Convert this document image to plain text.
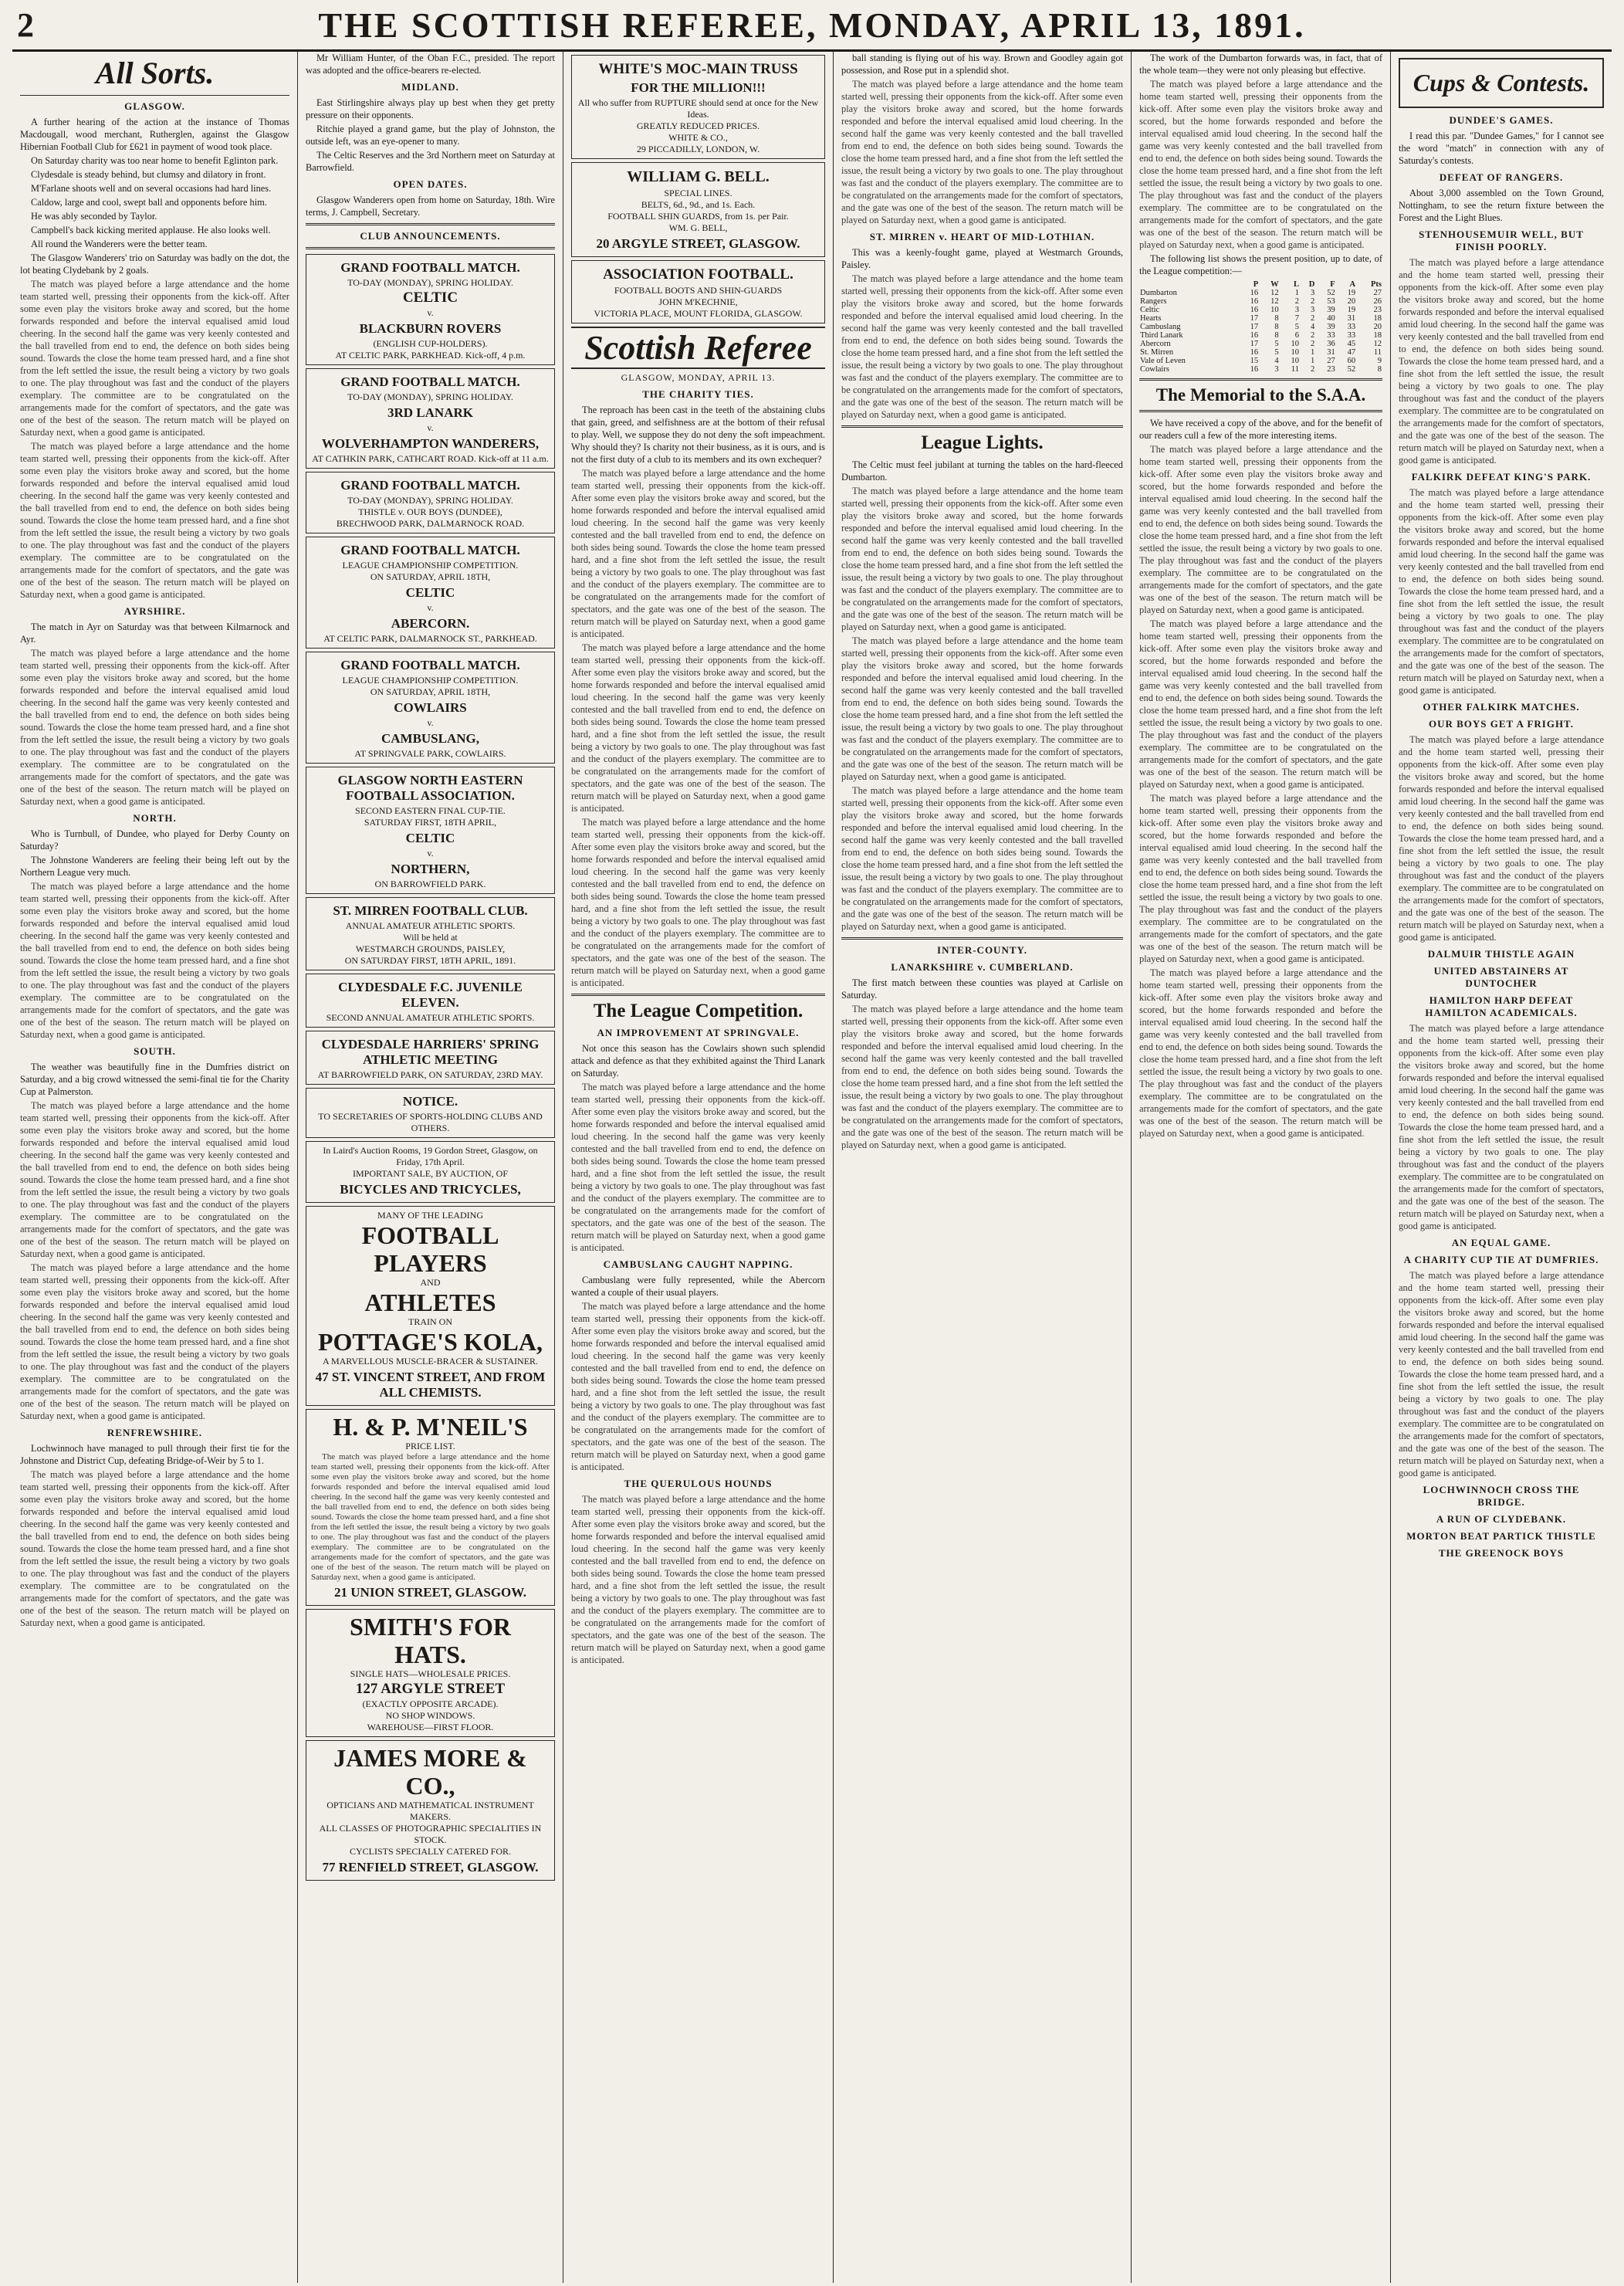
2	THE SCOTTISH REFEREE, MONDAY, APRIL 13, 1891.
All Sorts.
GLASGOW.

A further hearing of the action at the instance of Thomas Macdougall, wood merchant, Rutherglen, against the Glasgow Hibernian Football Club for £621 in payment of wood took place.

On Saturday charity was too near home to benefit Eglinton park.

Clydesdale is steady behind, but clumsy and dilatory in front.

M'Farlane shoots well and on several occasions had hard lines.

Caldow, large and cool, swept ball and opponents before him.

He was ably seconded by Taylor.

Campbell's back kicking merited applause. He also looks well.

All round the Wanderers were the better team.

The Glasgow Wanderers' trio on Saturday was badly on the dot, the lot beating Clydebank by 2 goals.

The match was played before a large attendance and the home team started well, pressing their opponents from the kick-off. After some even play the visitors broke away and scored, but the home forwards responded and before the interval equalised amid loud cheering. In the second half the game was very keenly contested and the ball travelled from end to end, the defence on both sides being sound. Towards the close the home team pressed hard, and a fine shot from the left settled the issue, the result being a victory by two goals to one. The play throughout was fast and the conduct of the players exemplary. The committee are to be congratulated on the arrangements made for the comfort of spectators, and the gate was one of the best of the season. The return match will be played on Saturday next, when a good game is anticipated.

The match was played before a large attendance and the home team started well, pressing their opponents from the kick-off. After some even play the visitors broke away and scored, but the home forwards responded and before the interval equalised amid loud cheering. In the second half the game was very keenly contested and the ball travelled from end to end, the defence on both sides being sound. Towards the close the home team pressed hard, and a fine shot from the left settled the issue, the result being a victory by two goals to one. The play throughout was fast and the conduct of the players exemplary. The committee are to be congratulated on the arrangements made for the comfort of spectators, and the gate was one of the best of the season. The return match will be played on Saturday next, when a good game is anticipated.

AYRSHIRE.

The match in Ayr on Saturday was that between Kilmarnock and Ayr.

The match was played before a large attendance and the home team started well, pressing their opponents from the kick-off. After some even play the visitors broke away and scored, but the home forwards responded and before the interval equalised amid loud cheering. In the second half the game was very keenly contested and the ball travelled from end to end, the defence on both sides being sound. Towards the close the home team pressed hard, and a fine shot from the left settled the issue, the result being a victory by two goals to one. The play throughout was fast and the conduct of the players exemplary. The committee are to be congratulated on the arrangements made for the comfort of spectators, and the gate was one of the best of the season. The return match will be played on Saturday next, when a good game is anticipated.

NORTH.

Who is Turnbull, of Dundee, who played for Derby County on Saturday?

The Johnstone Wanderers are feeling their being left out by the Northern League very much.

The match was played before a large attendance and the home team started well, pressing their opponents from the kick-off. After some even play the visitors broke away and scored, but the home forwards responded and before the interval equalised amid loud cheering. In the second half the game was very keenly contested and the ball travelled from end to end, the defence on both sides being sound. Towards the close the home team pressed hard, and a fine shot from the left settled the issue, the result being a victory by two goals to one. The play throughout was fast and the conduct of the players exemplary. The committee are to be congratulated on the arrangements made for the comfort of spectators, and the gate was one of the best of the season. The return match will be played on Saturday next, when a good game is anticipated.

SOUTH.

The weather was beautifully fine in the Dumfries district on Saturday, and a big crowd witnessed the semi-final tie for the Charity Cup at Palmerston.

The match was played before a large attendance and the home team started well, pressing their opponents from the kick-off. After some even play the visitors broke away and scored, but the home forwards responded and before the interval equalised amid loud cheering. In the second half the game was very keenly contested and the ball travelled from end to end, the defence on both sides being sound. Towards the close the home team pressed hard, and a fine shot from the left settled the issue, the result being a victory by two goals to one. The play throughout was fast and the conduct of the players exemplary. The committee are to be congratulated on the arrangements made for the comfort of spectators, and the gate was one of the best of the season. The return match will be played on Saturday next, when a good game is anticipated.

The match was played before a large attendance and the home team started well, pressing their opponents from the kick-off. After some even play the visitors broke away and scored, but the home forwards responded and before the interval equalised amid loud cheering. In the second half the game was very keenly contested and the ball travelled from end to end, the defence on both sides being sound. Towards the close the home team pressed hard, and a fine shot from the left settled the issue, the result being a victory by two goals to one. The play throughout was fast and the conduct of the players exemplary. The committee are to be congratulated on the arrangements made for the comfort of spectators, and the gate was one of the best of the season. The return match will be played on Saturday next, when a good game is anticipated.

RENFREWSHIRE.

Lochwinnoch have managed to pull through their first tie for the Johnstone and District Cup, defeating Bridge-of-Weir by 5 to 1.

The match was played before a large attendance and the home team started well, pressing their opponents from the kick-off. After some even play the visitors broke away and scored, but the home forwards responded and before the interval equalised amid loud cheering. In the second half the game was very keenly contested and the ball travelled from end to end, the defence on both sides being sound. Towards the close the home team pressed hard, and a fine shot from the left settled the issue, the result being a victory by two goals to one. The play throughout was fast and the conduct of the players exemplary. The committee are to be congratulated on the arrangements made for the comfort of spectators, and the gate was one of the best of the season. The return match will be played on Saturday next, when a good game is anticipated.

Mr William Hunter, of the Oban F.C., presided. The report was adopted and the office-bearers re-elected.

MIDLAND.

East Stirlingshire always play up best when they get pretty pressure on their opponents.

Ritchie played a grand game, but the play of Johnston, the outside left, was an eye-opener to many.

The Celtic Reserves and the 3rd Northern meet on Saturday at Barrowfield.

OPEN DATES.

Glasgow Wanderers open from home on Saturday, 18th. Wire terms, J. Campbell, Secretary.

CLUB ANNOUNCEMENTS.
GRAND FOOTBALL MATCH.
TO-DAY (MONDAY), SPRING HOLIDAY.
CELTIC
v.
BLACKBURN ROVERS
(ENGLISH CUP-HOLDERS).
AT CELTIC PARK, PARKHEAD. Kick-off, 4 p.m.
GRAND FOOTBALL MATCH.
TO-DAY (MONDAY), SPRING HOLIDAY.
3RD LANARK
v.
WOLVERHAMPTON WANDERERS,
AT CATHKIN PARK, CATHCART ROAD. Kick-off at 11 a.m.
GRAND FOOTBALL MATCH.
TO-DAY (MONDAY), SPRING HOLIDAY.
THISTLE v. OUR BOYS (DUNDEE),
BRECHWOOD PARK, DALMARNOCK ROAD.
GRAND FOOTBALL MATCH.
LEAGUE CHAMPIONSHIP COMPETITION.
ON SATURDAY, APRIL 18TH,
CELTIC
v.
ABERCORN.
AT CELTIC PARK, DALMARNOCK ST., PARKHEAD.
GRAND FOOTBALL MATCH.
LEAGUE CHAMPIONSHIP COMPETITION.
ON SATURDAY, APRIL 18TH,
COWLAIRS
v.
CAMBUSLANG,
AT SPRINGVALE PARK, COWLAIRS.
GLASGOW NORTH EASTERN FOOTBALL ASSOCIATION.
SECOND EASTERN FINAL CUP-TIE.
SATURDAY FIRST, 18TH APRIL,
CELTIC
v.
NORTHERN,
ON BARROWFIELD PARK.
ST. MIRREN FOOTBALL CLUB.
ANNUAL AMATEUR ATHLETIC SPORTS.
Will be held at
WESTMARCH GROUNDS, PAISLEY,
ON SATURDAY FIRST, 18TH APRIL, 1891.
CLYDESDALE F.C. JUVENILE ELEVEN.
SECOND ANNUAL AMATEUR ATHLETIC SPORTS.
CLYDESDALE HARRIERS' SPRING ATHLETIC MEETING
AT BARROWFIELD PARK, ON SATURDAY, 23RD MAY.
NOTICE.
TO SECRETARIES OF SPORTS-HOLDING CLUBS AND OTHERS.
In Laird's Auction Rooms, 19 Gordon Street, Glasgow, on Friday, 17th April.
IMPORTANT SALE, BY AUCTION, OF
BICYCLES AND TRICYCLES,
MANY OF THE LEADING
FOOTBALL PLAYERS
AND
ATHLETES
TRAIN ON
POTTAGE'S KOLA,
A MARVELLOUS MUSCLE-BRACER & SUSTAINER.
47 ST. VINCENT STREET, AND FROM ALL CHEMISTS.
H. & P. M'NEIL'S
PRICE LIST.

The match was played before a large attendance and the home team started well, pressing their opponents from the kick-off. After some even play the visitors broke away and scored, but the home forwards responded and before the interval equalised amid loud cheering. In the second half the game was very keenly contested and the ball travelled from end to end, the defence on both sides being sound. Towards the close the home team pressed hard, and a fine shot from the left settled the issue, the result being a victory by two goals to one. The play throughout was fast and the conduct of the players exemplary. The committee are to be congratulated on the arrangements made for the comfort of spectators, and the gate was one of the best of the season. The return match will be played on Saturday next, when a good game is anticipated.

21 UNION STREET, GLASGOW.
SMITH'S FOR HATS.
SINGLE HATS—WHOLESALE PRICES.
127 ARGYLE STREET
(EXACTLY OPPOSITE ARCADE).
NO SHOP WINDOWS.
WAREHOUSE—FIRST FLOOR.
JAMES MORE & CO.,
OPTICIANS AND MATHEMATICAL INSTRUMENT MAKERS.
ALL CLASSES OF PHOTOGRAPHIC SPECIALITIES IN STOCK.
CYCLISTS SPECIALLY CATERED FOR.
77 RENFIELD STREET, GLASGOW.
WHITE'S MOC-MAIN TRUSS
FOR THE MILLION!!!
All who suffer from RUPTURE should send at once for the New Ideas.
GREATLY REDUCED PRICES.
WHITE & CO.,
29 PICCADILLY, LONDON, W.
WILLIAM G. BELL.
SPECIAL LINES.
BELTS, 6d., 9d., and 1s. Each.
FOOTBALL SHIN GUARDS, from 1s. per Pair.
WM. G. BELL,
20 ARGYLE STREET, GLASGOW.
ASSOCIATION FOOTBALL.
FOOTBALL BOOTS AND SHIN-GUARDS
JOHN M'KECHNIE,
VICTORIA PLACE, MOUNT FLORIDA, GLASGOW.
Scottish Referee
GLASGOW, MONDAY, APRIL 13.
THE CHARITY TIES.

The reproach has been cast in the teeth of the abstaining clubs that gain, greed, and selfishness are at the bottom of their refusal to play. Well, we suppose they do not deny the soft impeachment. Why should they? Is charity not their business, as it is ours, and is not the first duty of a club to its members and its own exchequer?

The match was played before a large attendance and the home team started well, pressing their opponents from the kick-off. After some even play the visitors broke away and scored, but the home forwards responded and before the interval equalised amid loud cheering. In the second half the game was very keenly contested and the ball travelled from end to end, the defence on both sides being sound. Towards the close the home team pressed hard, and a fine shot from the left settled the issue, the result being a victory by two goals to one. The play throughout was fast and the conduct of the players exemplary. The committee are to be congratulated on the arrangements made for the comfort of spectators, and the gate was one of the best of the season. The return match will be played on Saturday next, when a good game is anticipated.

The match was played before a large attendance and the home team started well, pressing their opponents from the kick-off. After some even play the visitors broke away and scored, but the home forwards responded and before the interval equalised amid loud cheering. In the second half the game was very keenly contested and the ball travelled from end to end, the defence on both sides being sound. Towards the close the home team pressed hard, and a fine shot from the left settled the issue, the result being a victory by two goals to one. The play throughout was fast and the conduct of the players exemplary. The committee are to be congratulated on the arrangements made for the comfort of spectators, and the gate was one of the best of the season. The return match will be played on Saturday next, when a good game is anticipated.

The match was played before a large attendance and the home team started well, pressing their opponents from the kick-off. After some even play the visitors broke away and scored, but the home forwards responded and before the interval equalised amid loud cheering. In the second half the game was very keenly contested and the ball travelled from end to end, the defence on both sides being sound. Towards the close the home team pressed hard, and a fine shot from the left settled the issue, the result being a victory by two goals to one. The play throughout was fast and the conduct of the players exemplary. The committee are to be congratulated on the arrangements made for the comfort of spectators, and the gate was one of the best of the season. The return match will be played on Saturday next, when a good game is anticipated.

The League Competition.
AN IMPROVEMENT AT SPRINGVALE.

Not once this season has the Cowlairs shown such splendid attack and defence as that they exhibited against the Third Lanark on Saturday.

The match was played before a large attendance and the home team started well, pressing their opponents from the kick-off. After some even play the visitors broke away and scored, but the home forwards responded and before the interval equalised amid loud cheering. In the second half the game was very keenly contested and the ball travelled from end to end, the defence on both sides being sound. Towards the close the home team pressed hard, and a fine shot from the left settled the issue, the result being a victory by two goals to one. The play throughout was fast and the conduct of the players exemplary. The committee are to be congratulated on the arrangements made for the comfort of spectators, and the gate was one of the best of the season. The return match will be played on Saturday next, when a good game is anticipated.

CAMBUSLANG CAUGHT NAPPING.

Cambuslang were fully represented, while the Abercorn wanted a couple of their usual players.

The match was played before a large attendance and the home team started well, pressing their opponents from the kick-off. After some even play the visitors broke away and scored, but the home forwards responded and before the interval equalised amid loud cheering. In the second half the game was very keenly contested and the ball travelled from end to end, the defence on both sides being sound. Towards the close the home team pressed hard, and a fine shot from the left settled the issue, the result being a victory by two goals to one. The play throughout was fast and the conduct of the players exemplary. The committee are to be congratulated on the arrangements made for the comfort of spectators, and the gate was one of the best of the season. The return match will be played on Saturday next, when a good game is anticipated.

THE QUERULOUS HOUNDS

The match was played before a large attendance and the home team started well, pressing their opponents from the kick-off. After some even play the visitors broke away and scored, but the home forwards responded and before the interval equalised amid loud cheering. In the second half the game was very keenly contested and the ball travelled from end to end, the defence on both sides being sound. Towards the close the home team pressed hard, and a fine shot from the left settled the issue, the result being a victory by two goals to one. The play throughout was fast and the conduct of the players exemplary. The committee are to be congratulated on the arrangements made for the comfort of spectators, and the gate was one of the best of the season. The return match will be played on Saturday next, when a good game is anticipated.

ball standing is flying out of his way. Brown and Goodley again got possession, and Rose put in a splendid shot.

The match was played before a large attendance and the home team started well, pressing their opponents from the kick-off. After some even play the visitors broke away and scored, but the home forwards responded and before the interval equalised amid loud cheering. In the second half the game was very keenly contested and the ball travelled from end to end, the defence on both sides being sound. Towards the close the home team pressed hard, and a fine shot from the left settled the issue, the result being a victory by two goals to one. The play throughout was fast and the conduct of the players exemplary. The committee are to be congratulated on the arrangements made for the comfort of spectators, and the gate was one of the best of the season. The return match will be played on Saturday next, when a good game is anticipated.

ST. MIRREN v. HEART OF MID-LOTHIAN.

This was a keenly-fought game, played at Westmarch Grounds, Paisley.

The match was played before a large attendance and the home team started well, pressing their opponents from the kick-off. After some even play the visitors broke away and scored, but the home forwards responded and before the interval equalised amid loud cheering. In the second half the game was very keenly contested and the ball travelled from end to end, the defence on both sides being sound. Towards the close the home team pressed hard, and a fine shot from the left settled the issue, the result being a victory by two goals to one. The play throughout was fast and the conduct of the players exemplary. The committee are to be congratulated on the arrangements made for the comfort of spectators, and the gate was one of the best of the season. The return match will be played on Saturday next, when a good game is anticipated.

League Lights.

The Celtic must feel jubilant at turning the tables on the hard-fleeced Dumbarton.

The match was played before a large attendance and the home team started well, pressing their opponents from the kick-off. After some even play the visitors broke away and scored, but the home forwards responded and before the interval equalised amid loud cheering. In the second half the game was very keenly contested and the ball travelled from end to end, the defence on both sides being sound. Towards the close the home team pressed hard, and a fine shot from the left settled the issue, the result being a victory by two goals to one. The play throughout was fast and the conduct of the players exemplary. The committee are to be congratulated on the arrangements made for the comfort of spectators, and the gate was one of the best of the season. The return match will be played on Saturday next, when a good game is anticipated.

The match was played before a large attendance and the home team started well, pressing their opponents from the kick-off. After some even play the visitors broke away and scored, but the home forwards responded and before the interval equalised amid loud cheering. In the second half the game was very keenly contested and the ball travelled from end to end, the defence on both sides being sound. Towards the close the home team pressed hard, and a fine shot from the left settled the issue, the result being a victory by two goals to one. The play throughout was fast and the conduct of the players exemplary. The committee are to be congratulated on the arrangements made for the comfort of spectators, and the gate was one of the best of the season. The return match will be played on Saturday next, when a good game is anticipated.

The match was played before a large attendance and the home team started well, pressing their opponents from the kick-off. After some even play the visitors broke away and scored, but the home forwards responded and before the interval equalised amid loud cheering. In the second half the game was very keenly contested and the ball travelled from end to end, the defence on both sides being sound. Towards the close the home team pressed hard, and a fine shot from the left settled the issue, the result being a victory by two goals to one. The play throughout was fast and the conduct of the players exemplary. The committee are to be congratulated on the arrangements made for the comfort of spectators, and the gate was one of the best of the season. The return match will be played on Saturday next, when a good game is anticipated.

INTER-COUNTY.
LANARKSHIRE v. CUMBERLAND.

The first match between these counties was played at Carlisle on Saturday.

The match was played before a large attendance and the home team started well, pressing their opponents from the kick-off. After some even play the visitors broke away and scored, but the home forwards responded and before the interval equalised amid loud cheering. In the second half the game was very keenly contested and the ball travelled from end to end, the defence on both sides being sound. Towards the close the home team pressed hard, and a fine shot from the left settled the issue, the result being a victory by two goals to one. The play throughout was fast and the conduct of the players exemplary. The committee are to be congratulated on the arrangements made for the comfort of spectators, and the gate was one of the best of the season. The return match will be played on Saturday next, when a good game is anticipated.

The work of the Dumbarton forwards was, in fact, that of the whole team—they were not only pleasing but effective.

The match was played before a large attendance and the home team started well, pressing their opponents from the kick-off. After some even play the visitors broke away and scored, but the home forwards responded and before the interval equalised amid loud cheering. In the second half the game was very keenly contested and the ball travelled from end to end, the defence on both sides being sound. Towards the close the home team pressed hard, and a fine shot from the left settled the issue, the result being a victory by two goals to one. The play throughout was fast and the conduct of the players exemplary. The committee are to be congratulated on the arrangements made for the comfort of spectators, and the gate was one of the best of the season. The return match will be played on Saturday next, when a good game is anticipated.

The following list shows the present position, up to date, of the League competition:—

	P	W	L	D	F	A	Pts
Dumbarton	16	12	1	3	52	19	27
Rangers	16	12	2	2	53	20	26
Celtic	16	10	3	3	39	19	23
Hearts	17	8	7	2	40	31	18
Cambuslang	17	8	5	4	39	33	20
Third Lanark	16	8	6	2	33	33	18
Abercorn	17	5	10	2	36	45	12
St. Mirren	16	5	10	1	31	47	11
Vale of Leven	15	4	10	1	27	60	9
Cowlairs	16	3	11	2	23	52	8
The Memorial to the S.A.A.

We have received a copy of the above, and for the benefit of our readers cull a few of the more interesting items.

The match was played before a large attendance and the home team started well, pressing their opponents from the kick-off. After some even play the visitors broke away and scored, but the home forwards responded and before the interval equalised amid loud cheering. In the second half the game was very keenly contested and the ball travelled from end to end, the defence on both sides being sound. Towards the close the home team pressed hard, and a fine shot from the left settled the issue, the result being a victory by two goals to one. The play throughout was fast and the conduct of the players exemplary. The committee are to be congratulated on the arrangements made for the comfort of spectators, and the gate was one of the best of the season. The return match will be played on Saturday next, when a good game is anticipated.

The match was played before a large attendance and the home team started well, pressing their opponents from the kick-off. After some even play the visitors broke away and scored, but the home forwards responded and before the interval equalised amid loud cheering. In the second half the game was very keenly contested and the ball travelled from end to end, the defence on both sides being sound. Towards the close the home team pressed hard, and a fine shot from the left settled the issue, the result being a victory by two goals to one. The play throughout was fast and the conduct of the players exemplary. The committee are to be congratulated on the arrangements made for the comfort of spectators, and the gate was one of the best of the season. The return match will be played on Saturday next, when a good game is anticipated.

The match was played before a large attendance and the home team started well, pressing their opponents from the kick-off. After some even play the visitors broke away and scored, but the home forwards responded and before the interval equalised amid loud cheering. In the second half the game was very keenly contested and the ball travelled from end to end, the defence on both sides being sound. Towards the close the home team pressed hard, and a fine shot from the left settled the issue, the result being a victory by two goals to one. The play throughout was fast and the conduct of the players exemplary. The committee are to be congratulated on the arrangements made for the comfort of spectators, and the gate was one of the best of the season. The return match will be played on Saturday next, when a good game is anticipated.

The match was played before a large attendance and the home team started well, pressing their opponents from the kick-off. After some even play the visitors broke away and scored, but the home forwards responded and before the interval equalised amid loud cheering. In the second half the game was very keenly contested and the ball travelled from end to end, the defence on both sides being sound. Towards the close the home team pressed hard, and a fine shot from the left settled the issue, the result being a victory by two goals to one. The play throughout was fast and the conduct of the players exemplary. The committee are to be congratulated on the arrangements made for the comfort of spectators, and the gate was one of the best of the season. The return match will be played on Saturday next, when a good game is anticipated.

Cups & Contests.
DUNDEE'S GAMES.

I read this par. "Dundee Games," for I cannot see the word "match" in connection with any of Saturday's contests.

DEFEAT OF RANGERS.

About 3,000 assembled on the Town Ground, Nottingham, to see the return fixture between the Forest and the Light Blues.

STENHOUSEMUIR WELL, BUT FINISH POORLY.

The match was played before a large attendance and the home team started well, pressing their opponents from the kick-off. After some even play the visitors broke away and scored, but the home forwards responded and before the interval equalised amid loud cheering. In the second half the game was very keenly contested and the ball travelled from end to end, the defence on both sides being sound. Towards the close the home team pressed hard, and a fine shot from the left settled the issue, the result being a victory by two goals to one. The play throughout was fast and the conduct of the players exemplary. The committee are to be congratulated on the arrangements made for the comfort of spectators, and the gate was one of the best of the season. The return match will be played on Saturday next, when a good game is anticipated.

FALKIRK DEFEAT KING'S PARK.

The match was played before a large attendance and the home team started well, pressing their opponents from the kick-off. After some even play the visitors broke away and scored, but the home forwards responded and before the interval equalised amid loud cheering. In the second half the game was very keenly contested and the ball travelled from end to end, the defence on both sides being sound. Towards the close the home team pressed hard, and a fine shot from the left settled the issue, the result being a victory by two goals to one. The play throughout was fast and the conduct of the players exemplary. The committee are to be congratulated on the arrangements made for the comfort of spectators, and the gate was one of the best of the season. The return match will be played on Saturday next, when a good game is anticipated.

OTHER FALKIRK MATCHES.
OUR BOYS GET A FRIGHT.

The match was played before a large attendance and the home team started well, pressing their opponents from the kick-off. After some even play the visitors broke away and scored, but the home forwards responded and before the interval equalised amid loud cheering. In the second half the game was very keenly contested and the ball travelled from end to end, the defence on both sides being sound. Towards the close the home team pressed hard, and a fine shot from the left settled the issue, the result being a victory by two goals to one. The play throughout was fast and the conduct of the players exemplary. The committee are to be congratulated on the arrangements made for the comfort of spectators, and the gate was one of the best of the season. The return match will be played on Saturday next, when a good game is anticipated.

DALMUIR THISTLE AGAIN
UNITED ABSTAINERS AT DUNTOCHER
HAMILTON HARP DEFEAT HAMILTON ACADEMICALS.

The match was played before a large attendance and the home team started well, pressing their opponents from the kick-off. After some even play the visitors broke away and scored, but the home forwards responded and before the interval equalised amid loud cheering. In the second half the game was very keenly contested and the ball travelled from end to end, the defence on both sides being sound. Towards the close the home team pressed hard, and a fine shot from the left settled the issue, the result being a victory by two goals to one. The play throughout was fast and the conduct of the players exemplary. The committee are to be congratulated on the arrangements made for the comfort of spectators, and the gate was one of the best of the season. The return match will be played on Saturday next, when a good game is anticipated.

AN EQUAL GAME.
A CHARITY CUP TIE AT DUMFRIES.

The match was played before a large attendance and the home team started well, pressing their opponents from the kick-off. After some even play the visitors broke away and scored, but the home forwards responded and before the interval equalised amid loud cheering. In the second half the game was very keenly contested and the ball travelled from end to end, the defence on both sides being sound. Towards the close the home team pressed hard, and a fine shot from the left settled the issue, the result being a victory by two goals to one. The play throughout was fast and the conduct of the players exemplary. The committee are to be congratulated on the arrangements made for the comfort of spectators, and the gate was one of the best of the season. The return match will be played on Saturday next, when a good game is anticipated.

LOCHWINNOCH CROSS THE BRIDGE.
A RUN OF CLYDEBANK.
MORTON BEAT PARTICK THISTLE
THE GREENOCK BOYS
